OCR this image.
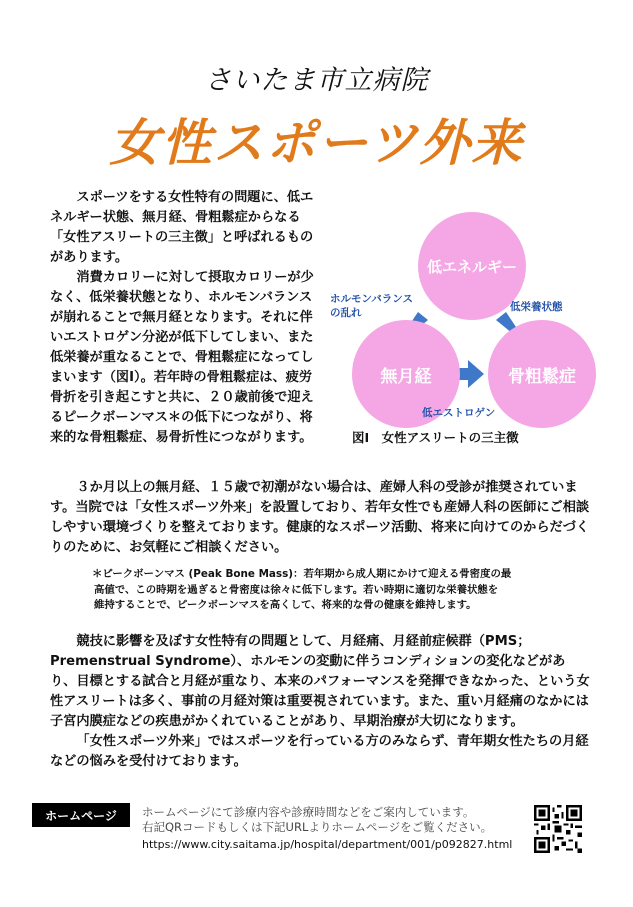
さいたま市立病院
女性スポーツ外来
スポーツをする女性特有の問題に、低エネルギー状態、無月経、骨粗鬆症からなる「女性アスリートの三主徴」と呼ばれるものがあります。
消費カロリーに対して摂取カロリーが少なく、低栄養状態となり、ホルモンバランスが崩れることで無月経となります。それに伴いエストロゲン分泌が低下してしまい、また低栄養が重なることで、骨粗鬆症になってしまいます（図Ⅰ）。若年時の骨粗鬆症は、疲労骨折を引き起こすと共に、２０歳前後で迎えるピークボーンマス＊の低下につながり、将来的な骨粗鬆症、易骨折性につながります。
低エネルギー
無月経	骨粗鬆症
ホルモンバランス
の乱れ	低栄養状態
低エストロゲン
図Ⅰ　女性アスリートの三主徴
３か月以上の無月経、１５歳で初潮がない場合は、産婦人科の受診が推奨されています。当院では「女性スポーツ外来」を設置しており、若年女性でも産婦人科の医師にご相談しやすい環境づくりを整えております。健康的なスポーツ活動、将来に向けてのからだづくりのために、お気軽にご相談ください。
＊ピークボーンマス (Peak Bone Mass)：若年期から成人期にかけて迎える骨密度の最
高値で、この時期を過ぎると骨密度は徐々に低下します。若い時期に適切な栄養状態を
維持することで、ピークボーンマスを高くして、将来的な骨の健康を維持します。
競技に影響を及ぼす女性特有の問題として、月経痛、月経前症候群（PMS；Premenstrual Syndrome）、ホルモンの変動に伴うコンディションの変化などがあり、目標とする試合と月経が重なり、本来のパフォーマンスを発揮できなかった、という女性アスリートは多く、事前の月経対策は重要視されています。また、重い月経痛のなかには子宮内膜症などの疾患がかくれていることがあり、早期治療が大切になります。
「女性スポーツ外来」ではスポーツを行っている方のみならず、青年期女性たちの月経などの悩みを受付けております。
ホームページ	ホームページにて診療内容や診療時間などをご案内しています。
右記QRコードもしくは下記URLよりホームページをご覧ください。
https://www.city.saitama.jp/hospital/department/001/p092827.html
